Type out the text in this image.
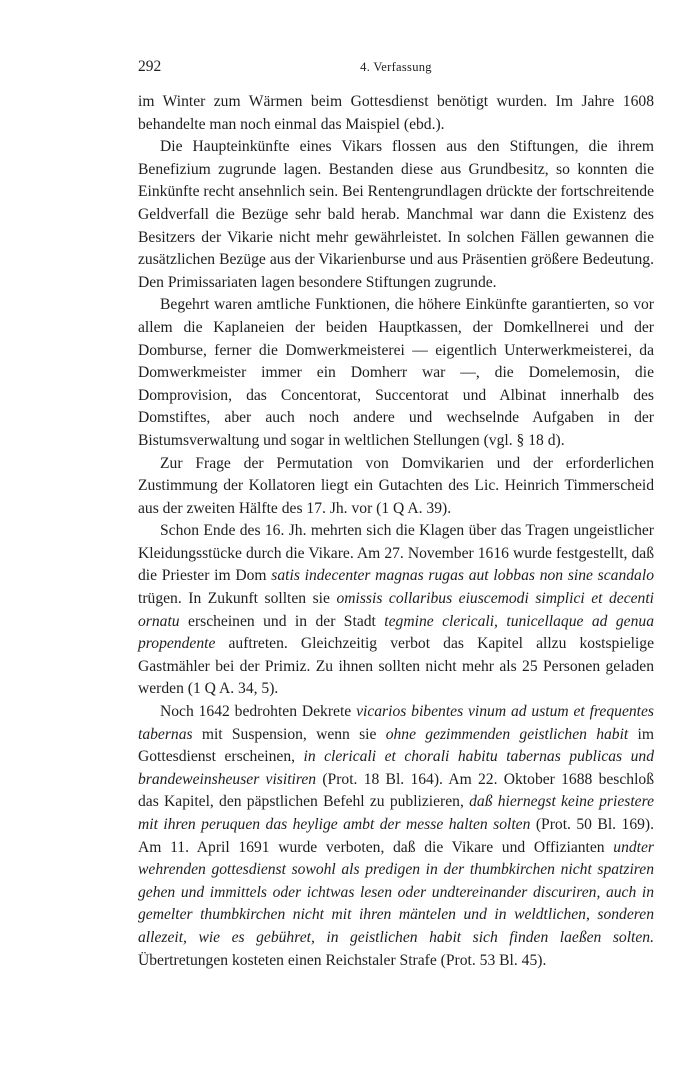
292	4. Verfassung

im Winter zum Wärmen beim Gottesdienst benötigt wurden. Im Jahre 1608 behandelte man noch einmal das Maispiel (ebd.).

Die Haupteinkünfte eines Vikars flossen aus den Stiftungen, die ihrem Benefizium zugrunde lagen. Bestanden diese aus Grundbesitz, so konnten die Einkünfte recht ansehnlich sein. Bei Rentengrundlagen drückte der fortschreitende Geldverfall die Bezüge sehr bald herab. Manchmal war dann die Existenz des Besitzers der Vikarie nicht mehr gewährleistet. In solchen Fällen gewannen die zusätzlichen Bezüge aus der Vikarienburse und aus Präsentien größere Bedeutung. Den Primissariaten lagen besondere Stiftungen zugrunde.

Begehrt waren amtliche Funktionen, die höhere Einkünfte garantierten, so vor allem die Kaplaneien der beiden Hauptkassen, der Domkellnerei und der Domburse, ferner die Domwerkmeisterei — eigentlich Unterwerkmeisterei, da Domwerkmeister immer ein Domherr war —, die Domelemosin, die Domprovision, das Concentorat, Succentorat und Albinat innerhalb des Domstiftes, aber auch noch andere und wechselnde Aufgaben in der Bistumsverwaltung und sogar in weltlichen Stellungen (vgl. § 18 d).

Zur Frage der Permutation von Domvikarien und der erforderlichen Zustimmung der Kollatoren liegt ein Gutachten des Lic. Heinrich Timmerscheid aus der zweiten Hälfte des 17. Jh. vor (1 Q A. 39).

Schon Ende des 16. Jh. mehrten sich die Klagen über das Tragen ungeistlicher Kleidungsstücke durch die Vikare. Am 27. November 1616 wurde festgestellt, daß die Priester im Dom satis indecenter magnas rugas aut lobbas non sine scandalo trügen. In Zukunft sollten sie omissis collaribus eiuscemodi simplici et decenti ornatu erscheinen und in der Stadt tegmine clericali, tunicellaque ad genua propendente auftreten. Gleichzeitig verbot das Kapitel allzu kostspielige Gastmähler bei der Primiz. Zu ihnen sollten nicht mehr als 25 Personen geladen werden (1 Q A. 34, 5).

Noch 1642 bedrohten Dekrete vicarios bibentes vinum ad ustum et frequentes tabernas mit Suspension, wenn sie ohne gezimmenden geistlichen habit im Gottesdienst erscheinen, in clericali et chorali habitu tabernas publicas und brandeweinsheuser visitiren (Prot. 18 Bl. 164). Am 22. Oktober 1688 beschloß das Kapitel, den päpstlichen Befehl zu publizieren, daß hiernegst keine priestere mit ihren peruquen das heylige ambt der messe halten solten (Prot. 50 Bl. 169). Am 11. April 1691 wurde verboten, daß die Vikare und Offizianten undter wehrenden gottesdienst sowohl als predigen in der thumbkirchen nicht spatziren gehen und immittels oder ichtwas lesen oder undtereinander discuriren, auch in gemelter thumbkirchen nicht mit ihren mäntelen und in weldtlichen, sonderen allezeit, wie es gebühret, in geistlichen habit sich finden laeßen solten. Übertretungen kosteten einen Reichstaler Strafe (Prot. 53 Bl. 45).
